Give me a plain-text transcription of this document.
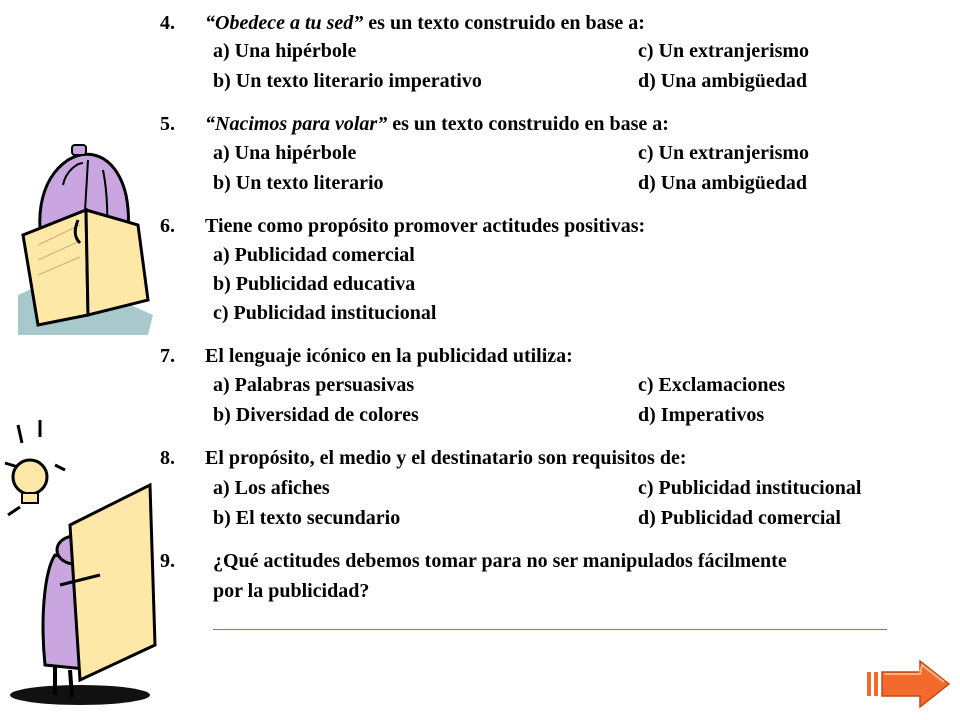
4. “Obedece a tu sed” es un texto construido en base a:
a) Una hipérbole	c) Un extranjerismo
b) Un texto literario imperativo	d) Una ambigüedad
5. “Nacimos para volar” es un texto construido en base a:
a) Una hipérbole	c) Un extranjerismo
b) Un texto literario	d) Una ambigüedad
6. Tiene como propósito promover actitudes positivas:
a) Publicidad comercial
b) Publicidad educativa
c) Publicidad institucional
7. El lenguaje icónico en la publicidad utiliza:
a) Palabras persuasivas	c) Exclamaciones
b) Diversidad de colores	d) Imperativos
8. El propósito, el medio y el destinatario son requisitos de:
a) Los afiches	c) Publicidad institucional
b) El texto secundario	d) Publicidad comercial
9. ¿Qué actitudes debemos tomar para no ser manipulados fácilmente
por la publicidad?
